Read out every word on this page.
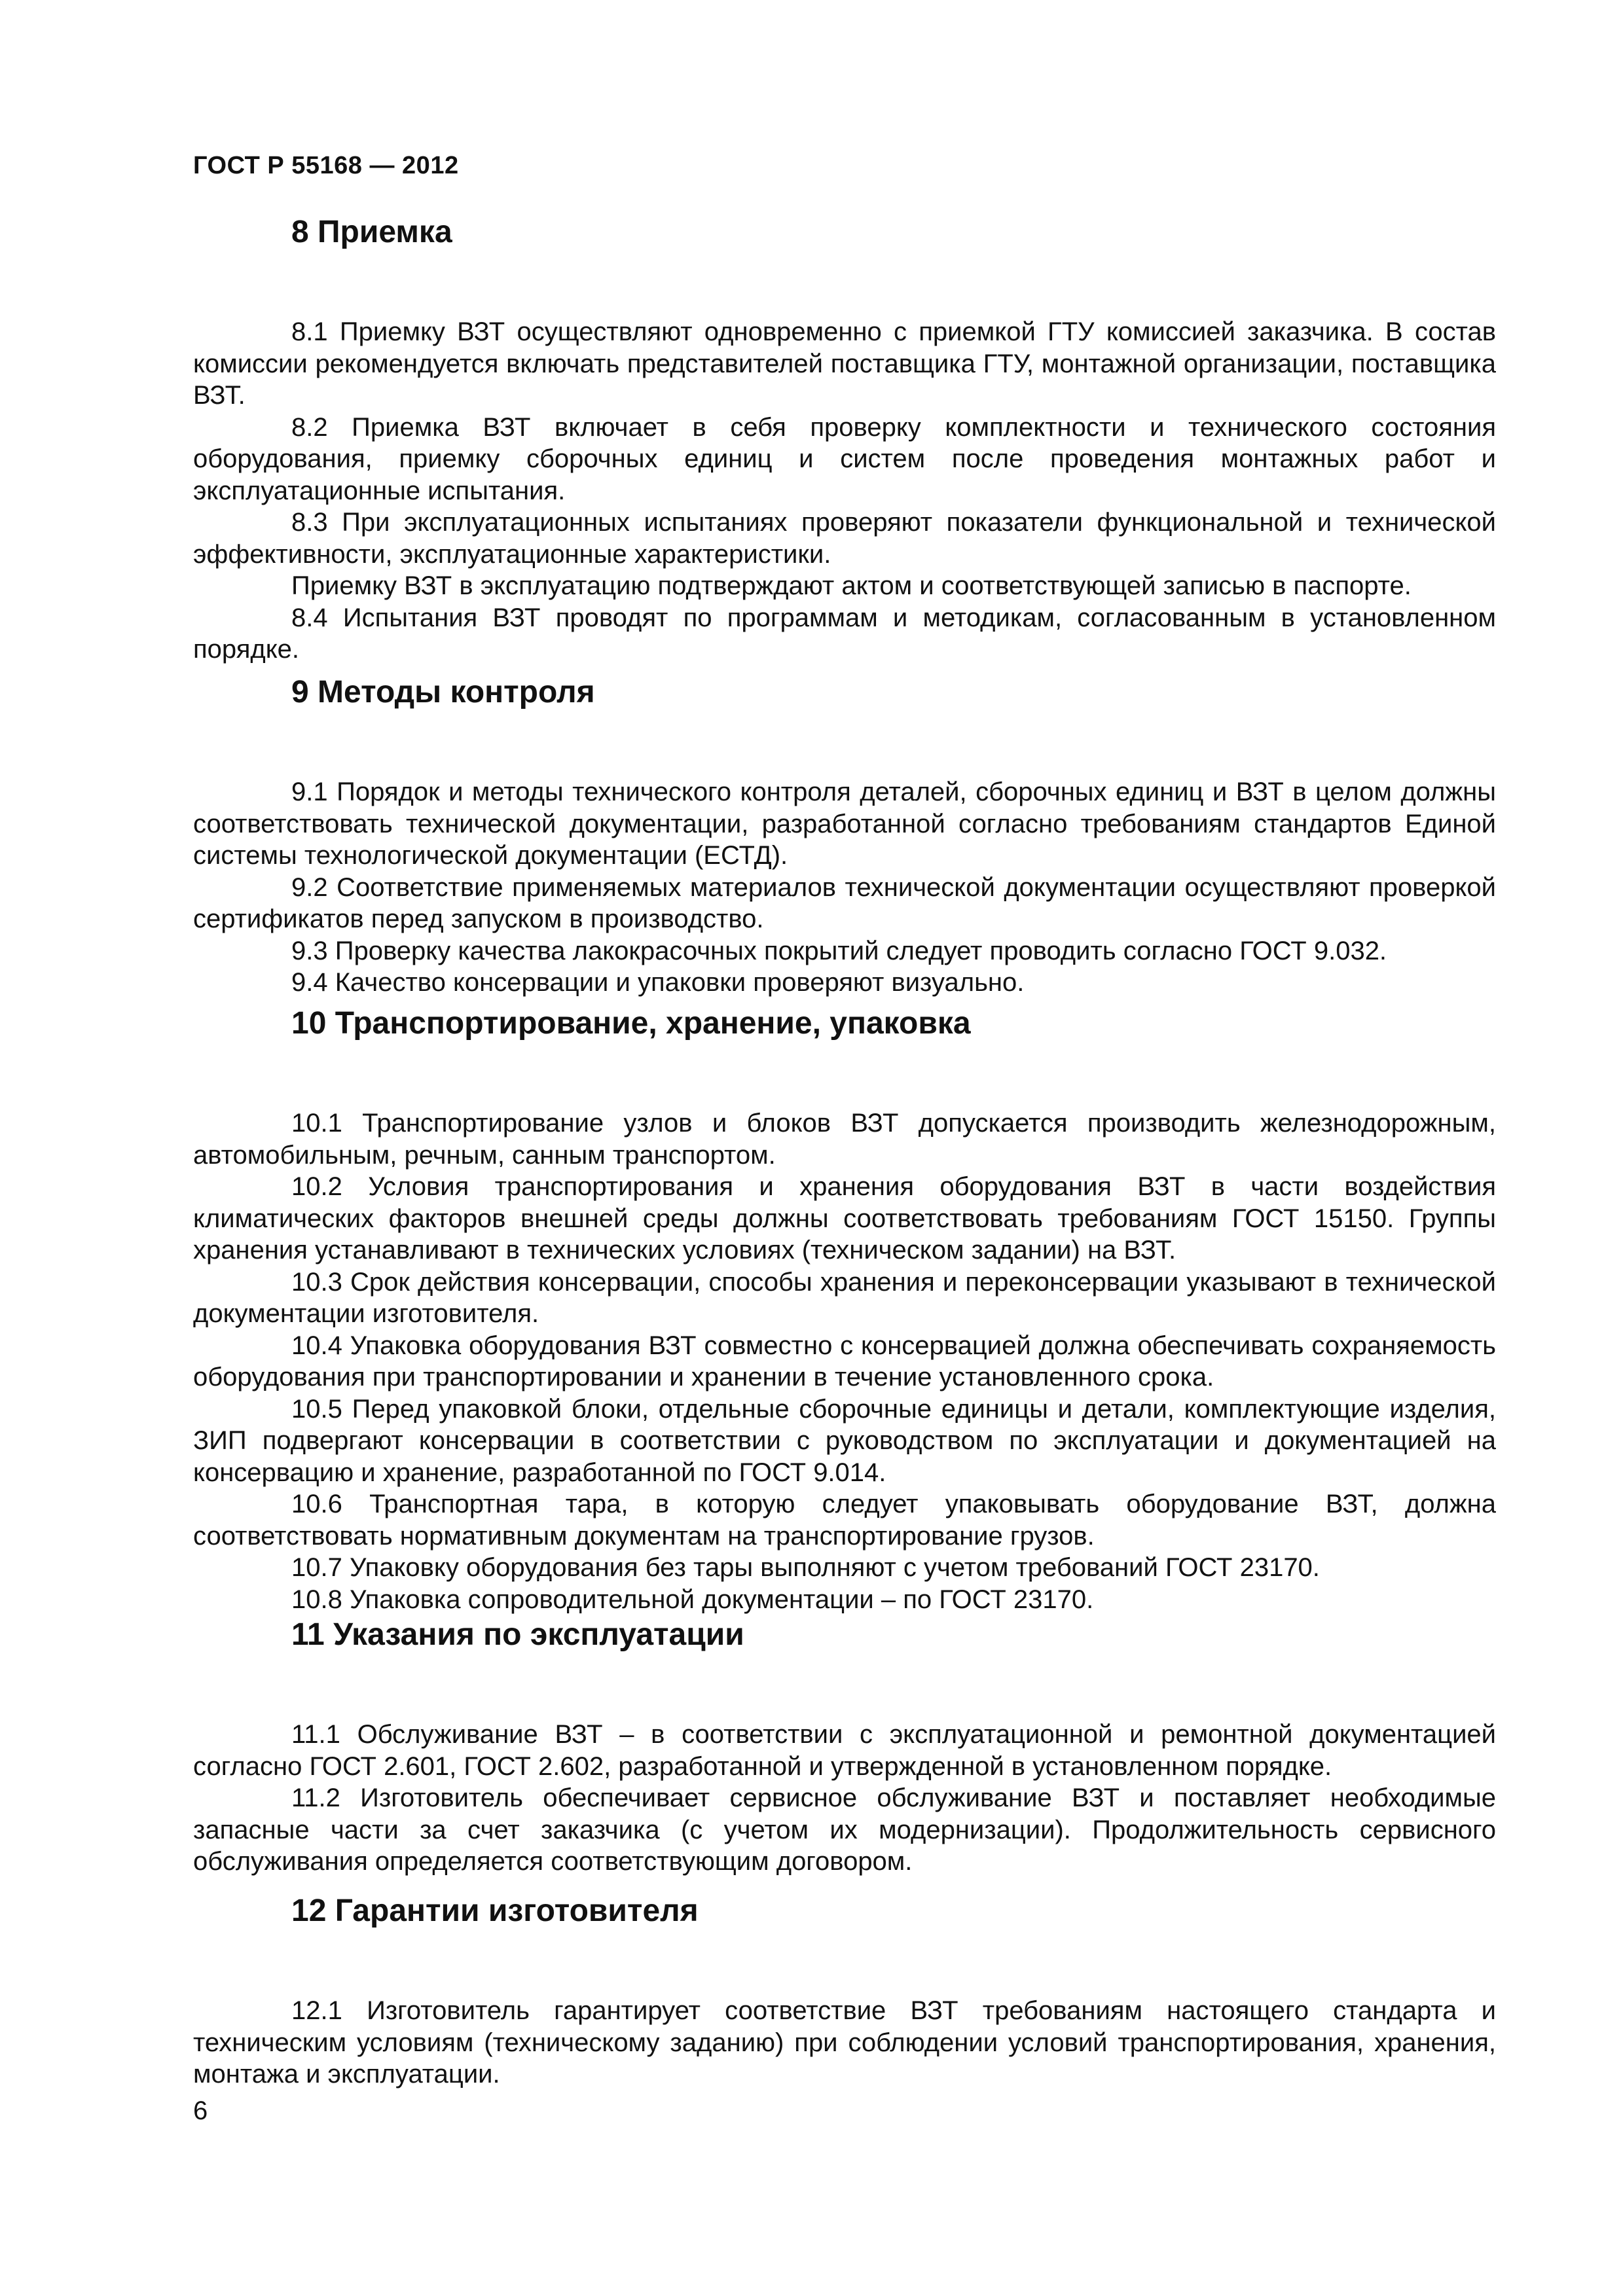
ГОСТ Р 55168 — 2012
8 Приемка

8.1 Приемку ВЗТ осуществляют одновременно с приемкой ГТУ комиссией заказчика. В состав комиссии рекомендуется включать представителей поставщика ГТУ, монтажной организации, поставщика ВЗТ.

8.2 Приемка ВЗТ включает в себя проверку комплектности и технического состояния оборудования, приемку сборочных единиц и систем после проведения монтажных работ и эксплуатационные испытания.

8.3 При эксплуатационных испытаниях проверяют показатели функциональной и технической эффективности, эксплуатационные характеристики.

Приемку ВЗТ в эксплуатацию подтверждают актом и соответствующей записью в паспорте.

8.4 Испытания ВЗТ проводят по программам и методикам, согласованным в установленном порядке.

9 Методы контроля

9.1 Порядок и методы технического контроля деталей, сборочных единиц и ВЗТ в целом должны соответствовать технической документации, разработанной согласно требованиям стандартов Единой системы технологической документации (ЕСТД).

9.2 Соответствие применяемых материалов технической документации осуществляют проверкой сертификатов перед запуском в производство.

9.3 Проверку качества лакокрасочных покрытий следует проводить согласно ГОСТ 9.032.

9.4 Качество консервации и упаковки проверяют визуально.

10 Транспортирование, хранение, упаковка

10.1 Транспортирование узлов и блоков ВЗТ допускается производить железнодорожным, автомобильным, речным, санным транспортом.

10.2 Условия транспортирования и хранения оборудования ВЗТ в части воздействия климатических факторов внешней среды должны соответствовать требованиям ГОСТ 15150. Группы хранения устанавливают в технических условиях (техническом задании) на ВЗТ.

10.3 Срок действия консервации, способы хранения и переконсервации указывают в технической документации изготовителя.

10.4 Упаковка оборудования ВЗТ совместно с консервацией должна обеспечивать сохраняемость оборудования при транспортировании и хранении в течение установленного срока.

10.5 Перед упаковкой блоки, отдельные сборочные единицы и детали, комплектующие изделия, ЗИП подвергают консервации в соответствии с руководством по эксплуатации и документацией на консервацию и хранение, разработанной по ГОСТ 9.014.

10.6 Транспортная тара, в которую следует упаковывать оборудование ВЗТ, должна соответствовать нормативным документам на транспортирование грузов.

10.7 Упаковку оборудования без тары выполняют с учетом требований ГОСТ 23170.

10.8 Упаковка сопроводительной документации – по ГОСТ 23170.

11 Указания по эксплуатации

11.1 Обслуживание ВЗТ – в соответствии с эксплуатационной и ремонтной документацией согласно ГОСТ 2.601, ГОСТ 2.602, разработанной и утвержденной в установленном порядке.

11.2 Изготовитель обеспечивает сервисное обслуживание ВЗТ и поставляет необходимые запасные части за счет заказчика (с учетом их модернизации). Продолжительность сервисного обслуживания определяется соответствующим договором.

12 Гарантии изготовителя

12.1 Изготовитель гарантирует соответствие ВЗТ требованиям настоящего стандарта и техническим условиям (техническому заданию) при соблюдении условий транспортирования, хранения, монтажа и эксплуатации.

6
